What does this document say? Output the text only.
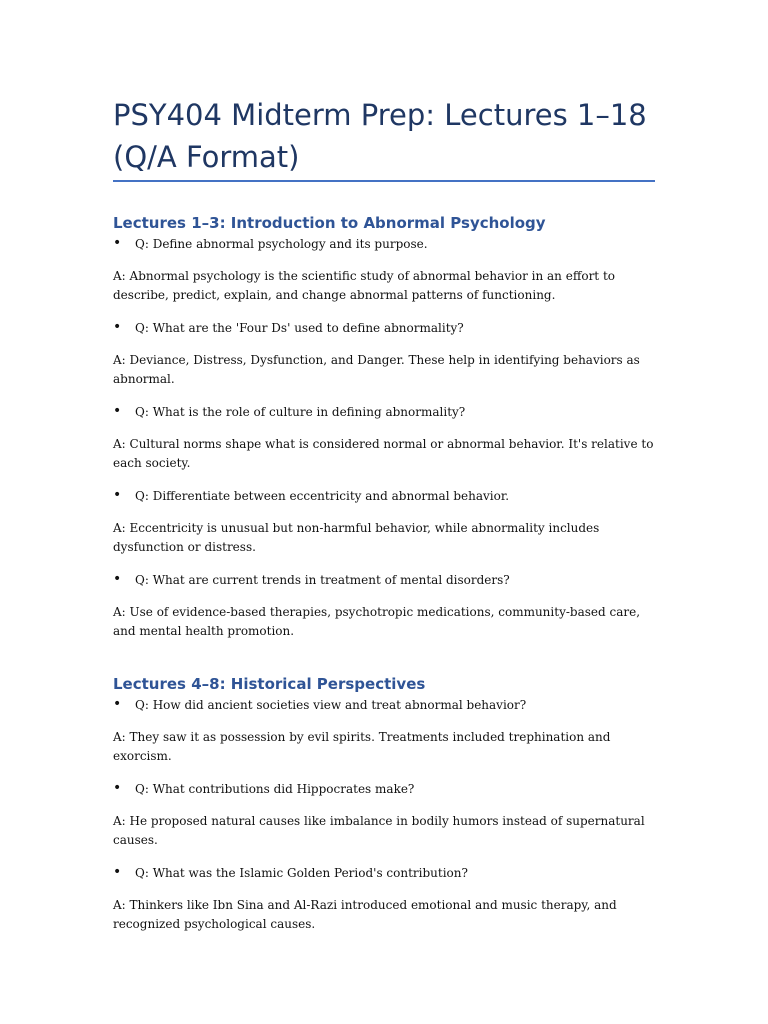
PSY404 Midterm Prep: Lectures 1–18 (Q/A Format)
Lectures 1–3: Introduction to Abnormal Psychology
• Q: Define abnormal psychology and its purpose.

A: Abnormal psychology is the scientific study of abnormal behavior in an effort to describe, predict, explain, and change abnormal patterns of functioning.

• Q: What are the 'Four Ds' used to define abnormality?

A: Deviance, Distress, Dysfunction, and Danger. These help in identifying behaviors as abnormal.

• Q: What is the role of culture in defining abnormality?

A: Cultural norms shape what is considered normal or abnormal behavior. It's relative to each society.

• Q: Differentiate between eccentricity and abnormal behavior.

A: Eccentricity is unusual but non-harmful behavior, while abnormality includes dysfunction or distress.

• Q: What are current trends in treatment of mental disorders?

A: Use of evidence-based therapies, psychotropic medications, community-based care, and mental health promotion.

Lectures 4–8: Historical Perspectives
• Q: How did ancient societies view and treat abnormal behavior?

A: They saw it as possession by evil spirits. Treatments included trephination and exorcism.

• Q: What contributions did Hippocrates make?

A: He proposed natural causes like imbalance in bodily humors instead of supernatural causes.

• Q: What was the Islamic Golden Period's contribution?

A: Thinkers like Ibn Sina and Al-Razi introduced emotional and music therapy, and recognized psychological causes.
